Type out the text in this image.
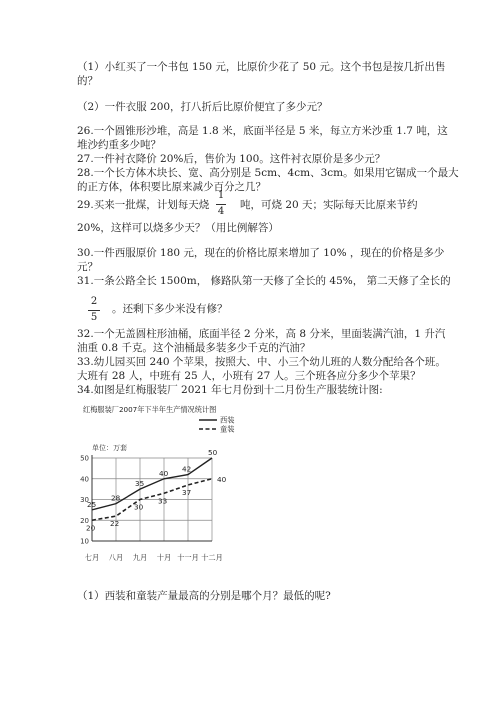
（1）小红买了一个书包 150 元，比原价少花了 50 元。这个书包是按几折出售
的？
（2）一件衣服 200，打八折后比原价便宜了多少元？
26.一个圆锥形沙堆，高是 1.8 米，底面半径是 5 米，每立方米沙重 1.7 吨，这
堆沙约重多少吨？
27.一件衬衣降价 20%后，售价为 100。这件衬衣原价是多少元？
28.一个长方体木块长、宽、高分别是 5cm、4cm、3cm。如果用它锯成一个最大
的正方体，体积要比原来减少百分之几？
29.买来一批煤，计划每天烧
1
4
吨，可烧 20 天；实际每天比原来节约
20%，这样可以烧多少天？（用比例解答）
30.一件西服原价 180 元，现在的价格比原来增加了 10% ，现在的价格是多少
元？
31.一条公路全长 1500m， 修路队第一天修了全长的 45%， 第二天修了全长的
2
5
。还剩下多少米没有修？
32.一个无盖圆柱形油桶，底面半径 2 分米，高 8 分米，里面装满汽油，1 升汽
油重 0.8 千克。这个油桶最多装多少千克的汽油？
33.幼儿园买回 240 个苹果，按照大、中、小三个幼儿班的人数分配给各个班。
大班有 28 人，中班有 25 人，小班有 27 人。三个班各应分多少个苹果？
34.如图是红梅服装厂 2021 年七月份到十二月份生产服装统计图:
红梅服装厂2007年下半年生产情况统计图
单位：万套
10
20
30
40
50
七月 八月 九月 十月 十一月 十二月
25
28
35
40 42
50
20 22
30
33
37
40
西装
童装
（1）西装和童装产量最高的分别是哪个月？最低的呢?
